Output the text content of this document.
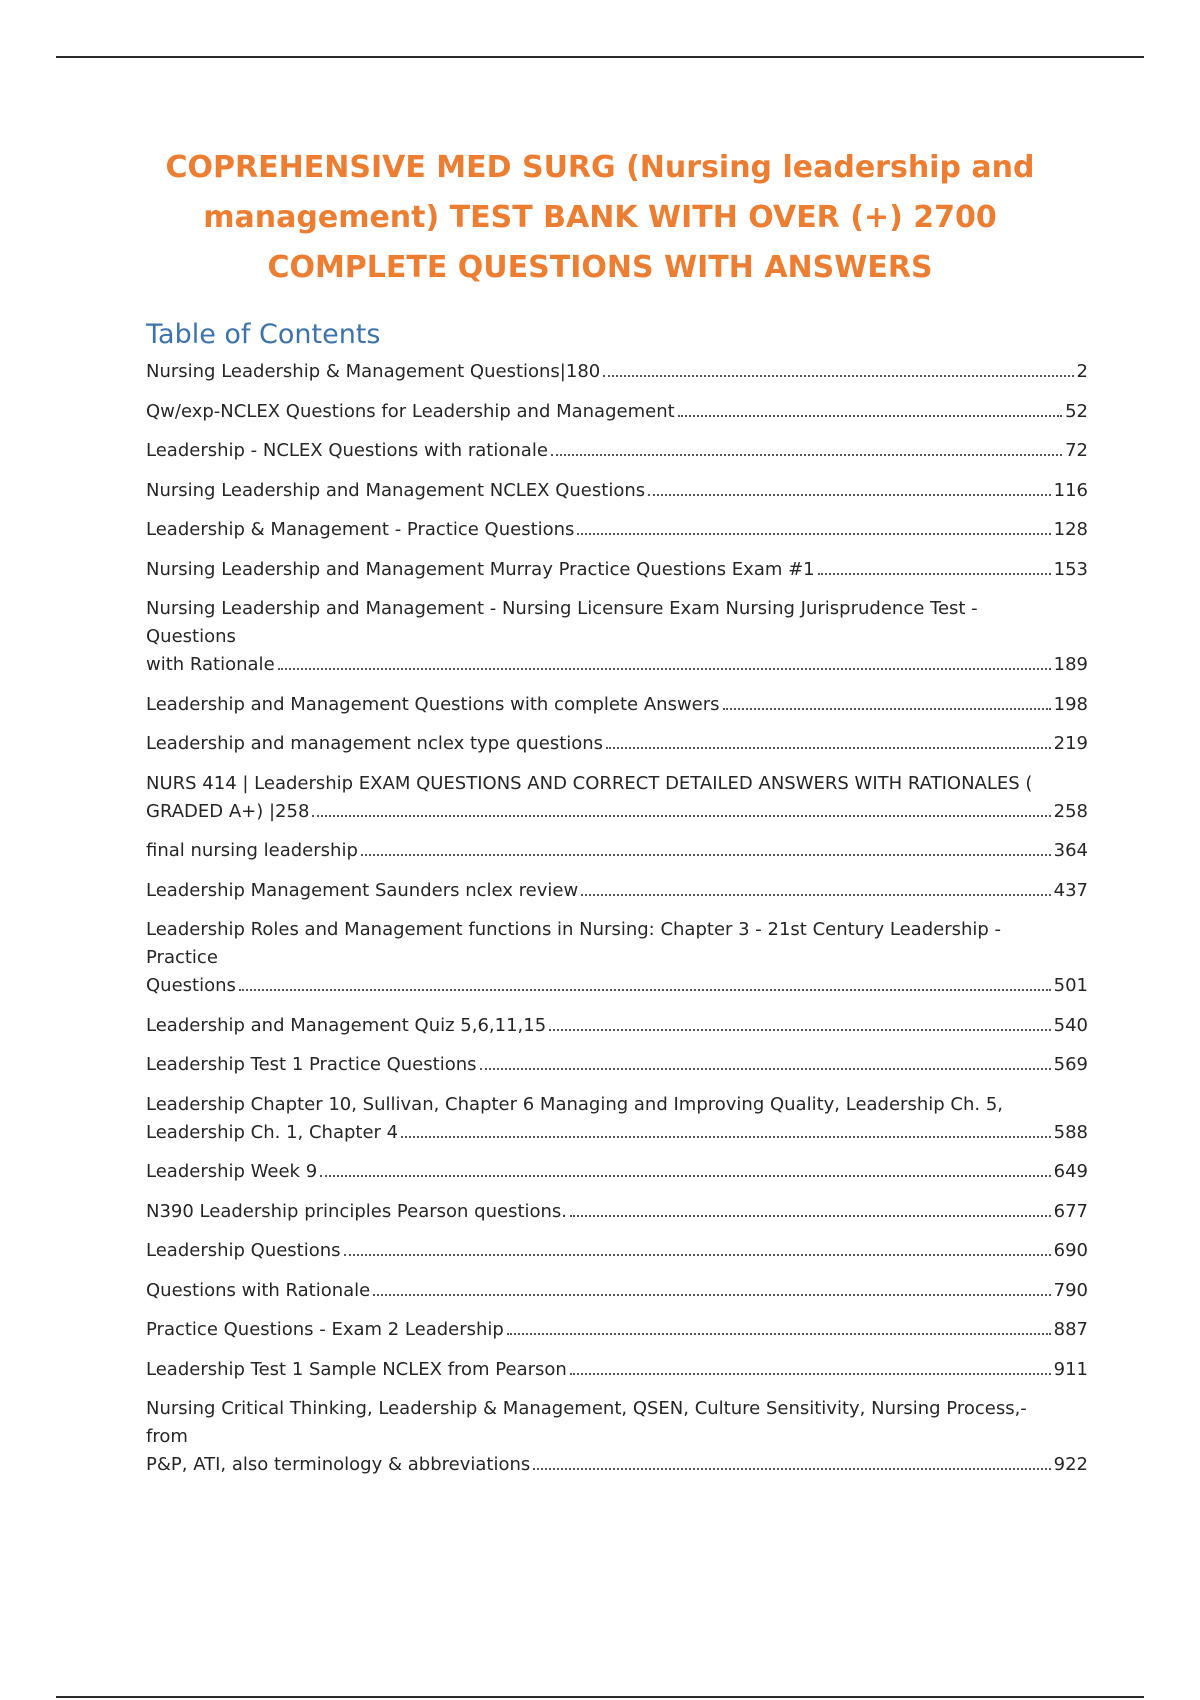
COPREHENSIVE MED SURG (Nursing leadership and
management) TEST BANK WITH OVER (+) 2700
COMPLETE QUESTIONS WITH ANSWERS
Table of Contents
Nursing Leadership & Management Questions|180	2
Qw/exp-NCLEX Questions for Leadership and Management	52
Leadership - NCLEX Questions with rationale	72
Nursing Leadership and Management NCLEX Questions	116
Leadership & Management - Practice Questions	128
Nursing Leadership and Management Murray Practice Questions Exam #1	153
Nursing Leadership and Management - Nursing Licensure Exam Nursing Jurisprudence Test - Questions
with Rationale	189
Leadership and Management Questions with complete Answers	198
Leadership and management nclex type questions	219
NURS 414 | Leadership EXAM QUESTIONS AND CORRECT DETAILED ANSWERS WITH RATIONALES (
GRADED A+) |258	258
final nursing leadership	364
Leadership Management Saunders nclex review	437
Leadership Roles and Management functions in Nursing: Chapter 3 - 21st Century Leadership - Practice
Questions	501
Leadership and Management Quiz 5,6,11,15	540
Leadership Test 1 Practice Questions	569
Leadership Chapter 10, Sullivan, Chapter 6 Managing and Improving Quality, Leadership Ch. 5,
Leadership Ch. 1, Chapter 4	588
Leadership Week 9	649
N390 Leadership principles Pearson questions.	677
Leadership Questions	690
Questions with Rationale	790
Practice Questions - Exam 2 Leadership	887
Leadership Test 1 Sample NCLEX from Pearson	911
Nursing Critical Thinking, Leadership & Management, QSEN, Culture Sensitivity, Nursing Process,-from
P&P, ATI, also terminology & abbreviations	922
